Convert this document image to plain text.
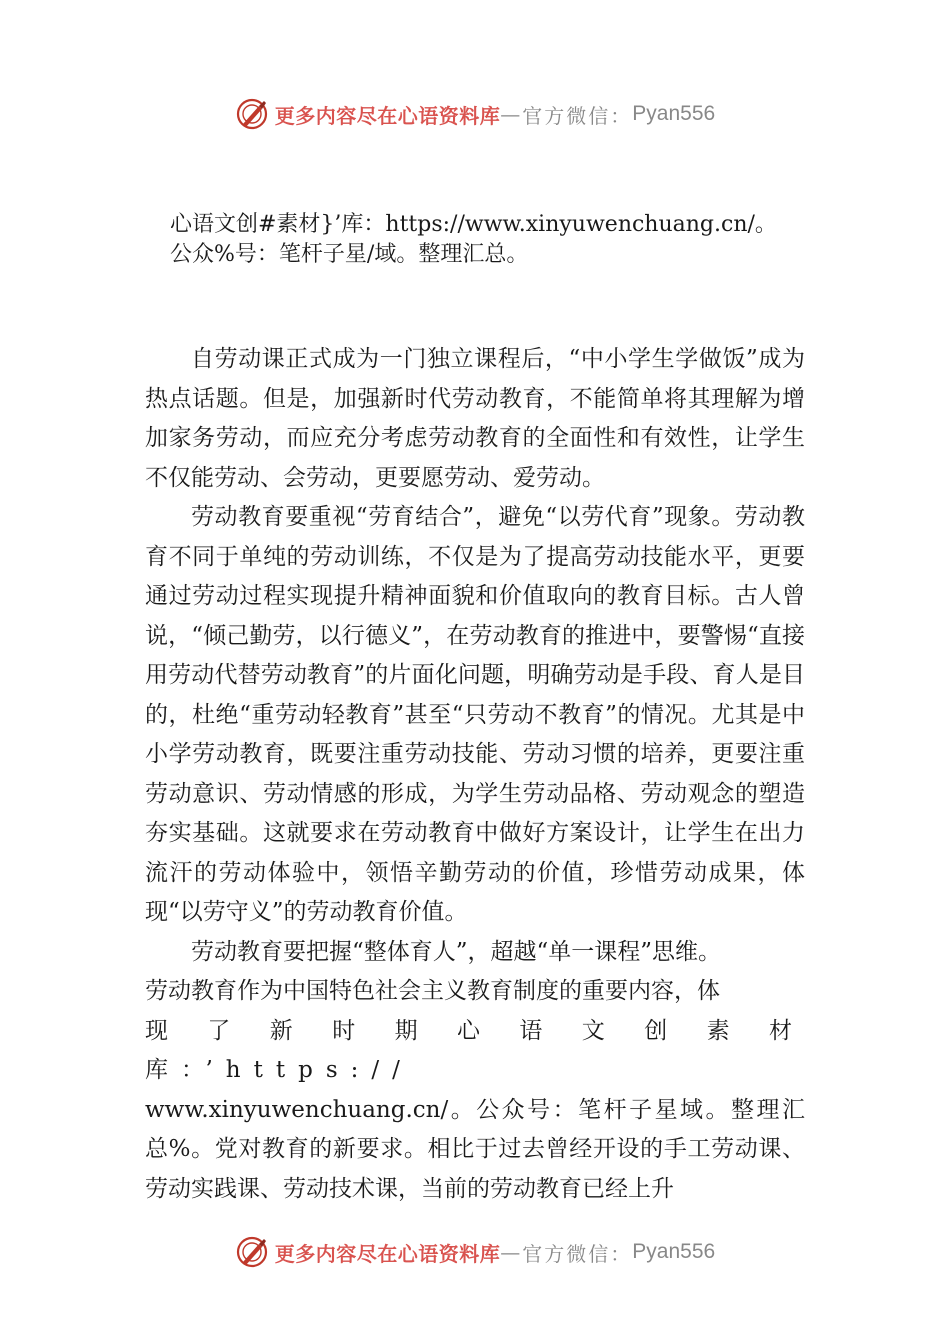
更多内容尽在心语资料库 — 官方微信： Pyan556
心语文创#素材}’库：https://www.xinyuwenchuang.cn/。
公众%号：笔杆子星/域。整理汇总。

自劳动课正式成为一门独立课程后，“中小学生学做饭”成为热点话题。但是，加强新时代劳动教育，不能简单将其理解为增加家务劳动，而应充分考虑劳动教育的全面性和有效性，让学生不仅能劳动、会劳动，更要愿劳动、爱劳动。

劳动教育要重视“劳育结合”，避免“以劳代育”现象。劳动教育不同于单纯的劳动训练，不仅是为了提高劳动技能水平，更要通过劳动过程实现提升精神面貌和价值取向的教育目标。古人曾说，“倾己勤劳，以行德义”，在劳动教育的推进中，要警惕“直接用劳动代替劳动教育”的片面化问题，明确劳动是手段、育人是目的，杜绝“重劳动轻教育”甚至“只劳动不教育”的情况。尤其是中小学劳动教育，既要注重劳动技能、劳动习惯的培养，更要注重劳动意识、劳动情感的形成，为学生劳动品格、劳动观念的塑造夯实基础。这就要求在劳动教育中做好方案设计，让学生在出力流汗的劳动体验中，领悟辛勤劳动的价值，珍惜劳动成果，体现“以劳守义”的劳动教育价值。

劳动教育要把握“整体育人”，超越“单一课程”思维。

劳动教育作为中国特色社会主义教育制度的重要内容，体

现了新时期心语文创素材库：’https://

www.xinyuwenchuang.cn/。公众号：笔杆子星域。整理汇总%。党对教育的新要求。相比于过去曾经开设的手工劳动课、劳动实践课、劳动技术课，当前的劳动教育已经上升

更多内容尽在心语资料库 — 官方微信： Pyan556
